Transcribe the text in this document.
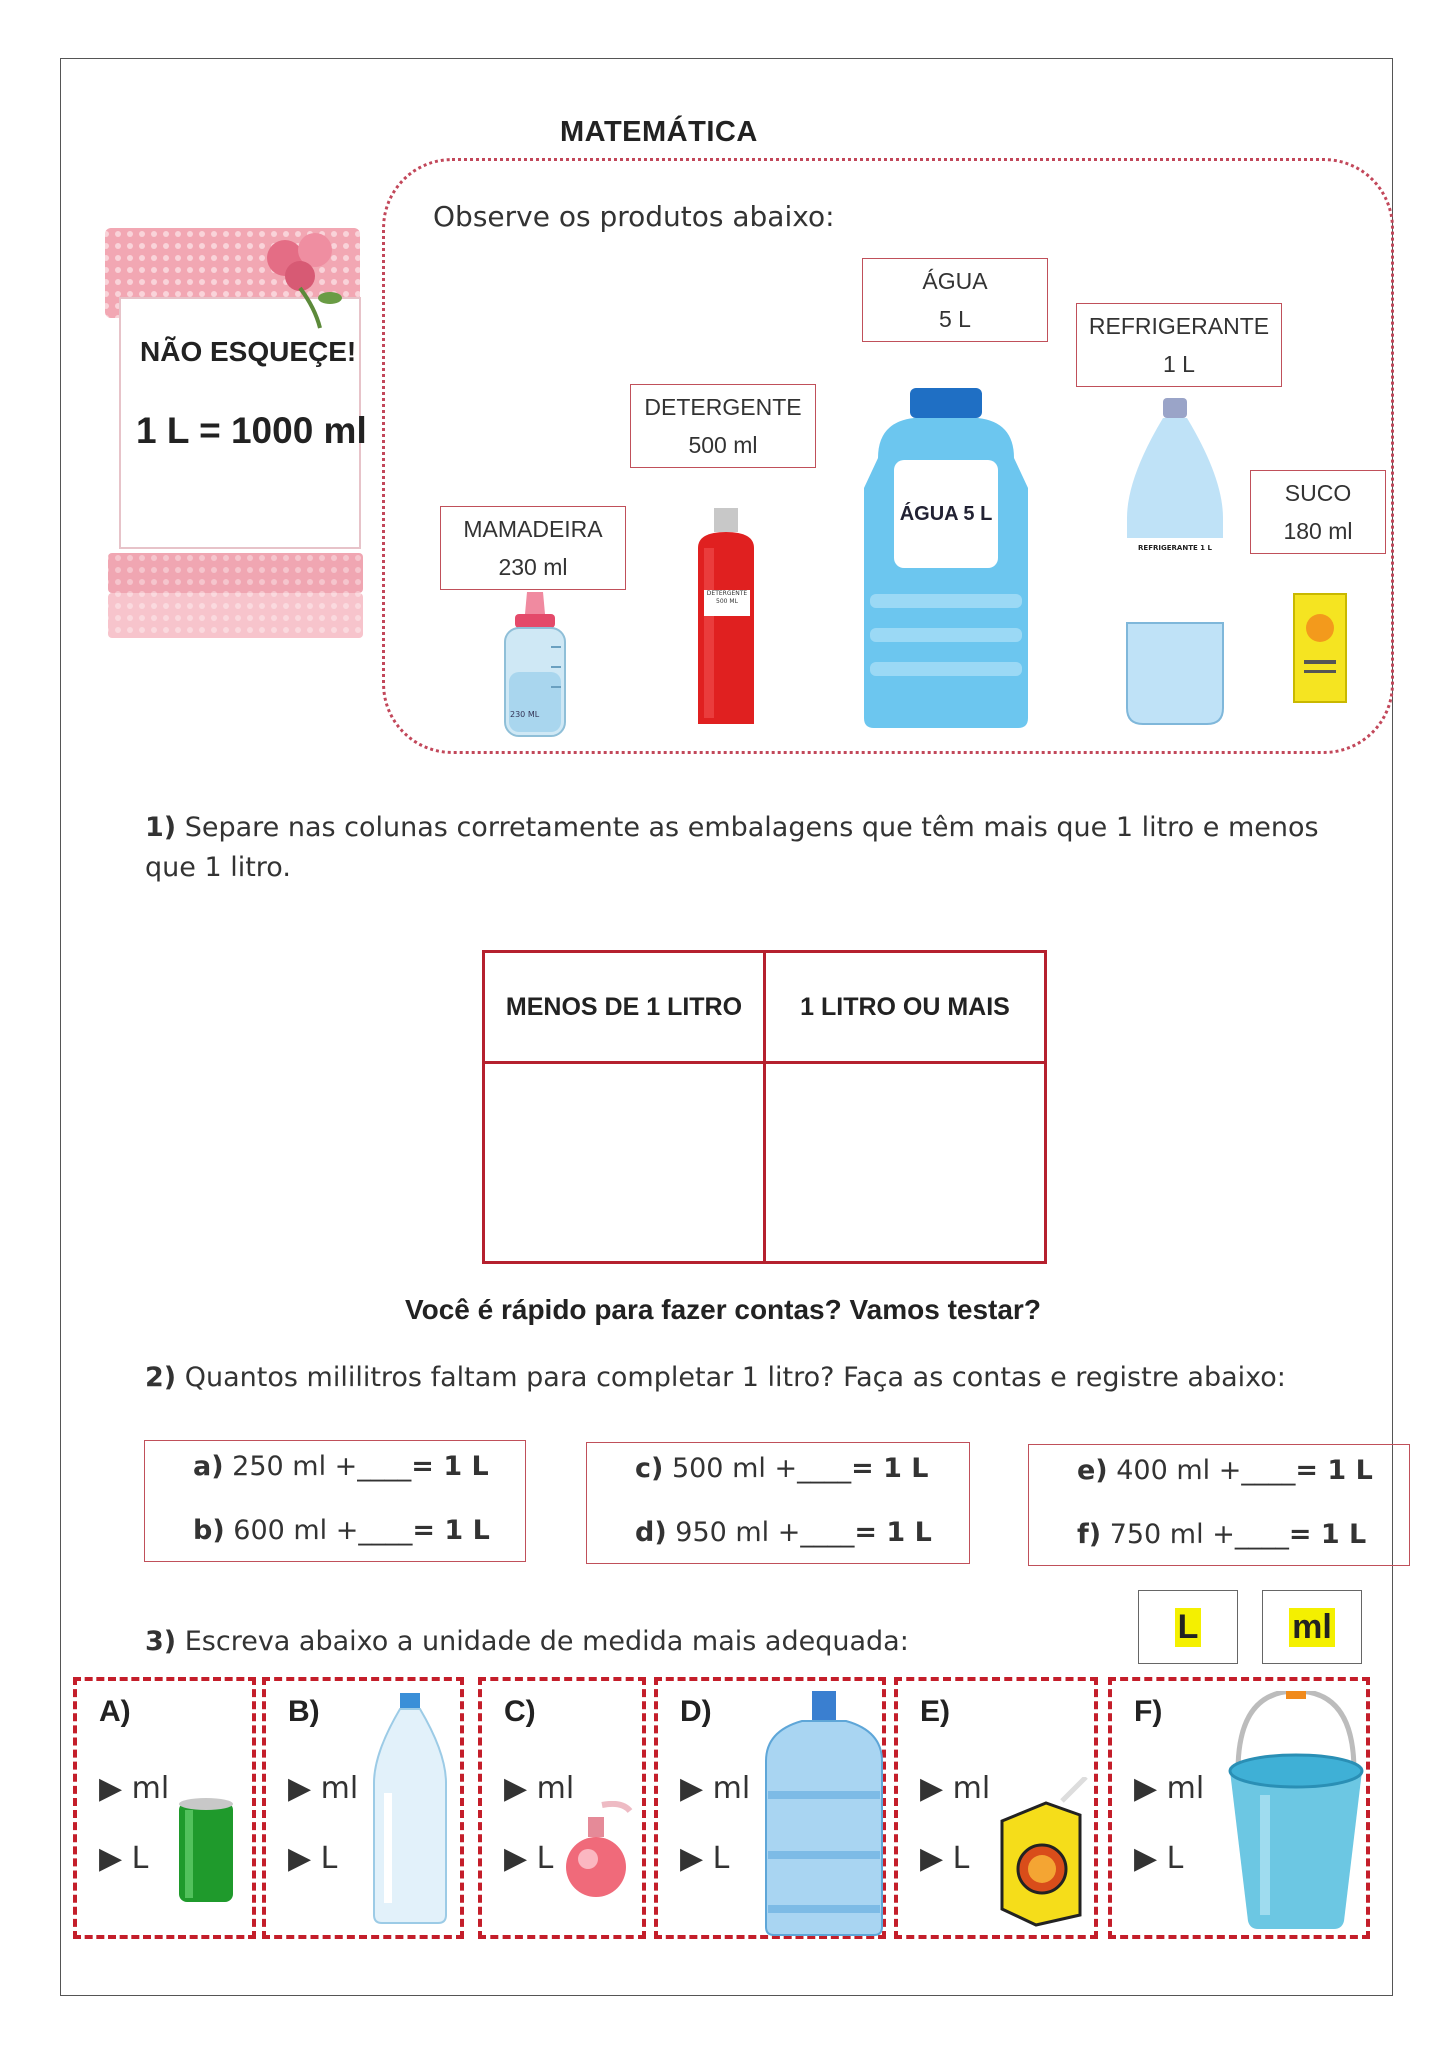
MATEMÁTICA
NÃO ESQUEÇE!
1 L = 1000 ml
Observe os produtos abaixo:
MAMADEIRA
230 ml
DETERGENTE
500 ml
ÁGUA
5 L	REFRIGERANTE
1 L
SUCO
180 ml
230 ML
DETERGENTE 500 ML
ÁGUA 5 L
REFRIGERANTE 1 L
1) Separe nas colunas corretamente as embalagens que têm mais que 1 litro e menos que 1 litro.
MENOS DE 1 LITRO	1 LITRO OU MAIS

Você é rápido para fazer contas? Vamos testar?
2) Quantos mililitros faltam para completar 1 litro? Faça as contas e registre abaixo:
a) 250 ml +____= 1 L
b) 600 ml +____= 1 L
c) 500 ml +____= 1 L
d) 950 ml +____= 1 L
e) 400 ml +____= 1 L
f) 750 ml +____= 1 L
L	ml
3) Escreva abaixo a unidade de medida mais adequada:
A)
▶ ml
▶ L
B)
▶ ml
▶ L
C)
▶ ml
▶ L
D)
▶ ml
▶ L
E)
▶ ml
▶ L
F)
▶ ml
▶ L
